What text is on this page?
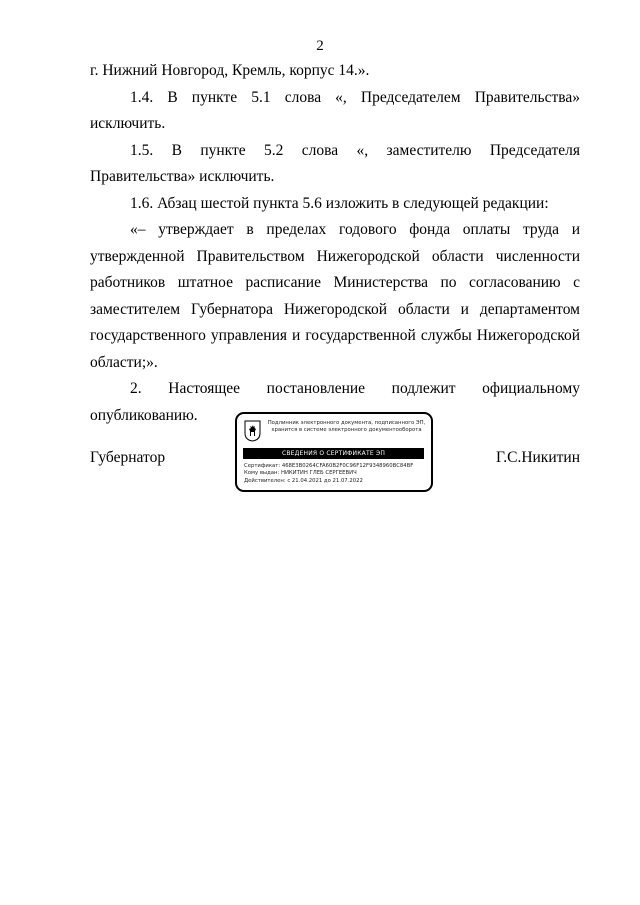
2

г. Нижний Новгород, Кремль, корпус 14.».

1.4. В пункте 5.1 слова «, Председателем Правительства» исключить.

1.5. В пункте 5.2 слова «, заместителю Председателя Правительства» исключить.

1.6. Абзац шестой пункта 5.6 изложить в следующей редакции:

«– утверждает в пределах годового фонда оплаты труда и утвержденной Правительством Нижегородской области численности работников штатное расписание Министерства по согласованию с заместителем Губернатора Нижегородской области и департаментом государственного управления и государственной службы Нижегородской области;».

2. Настоящее постановление подлежит официальному опубликованию.

Губернатор
Подлинник электронного документа, подписанного ЭП, хранится в системе электронного документооборота
СВЕДЕНИЯ О СЕРТИФИКАТЕ ЭП
Сертификат: 468E3B0264CFA60B2F0C96F12F9348960BC84BF
Кому выдан: НИКИТИН ГЛЕБ СЕРГЕЕВИЧ
Действителен: с 21.04.2021 до 21.07.2022
Г.С.Никитин
